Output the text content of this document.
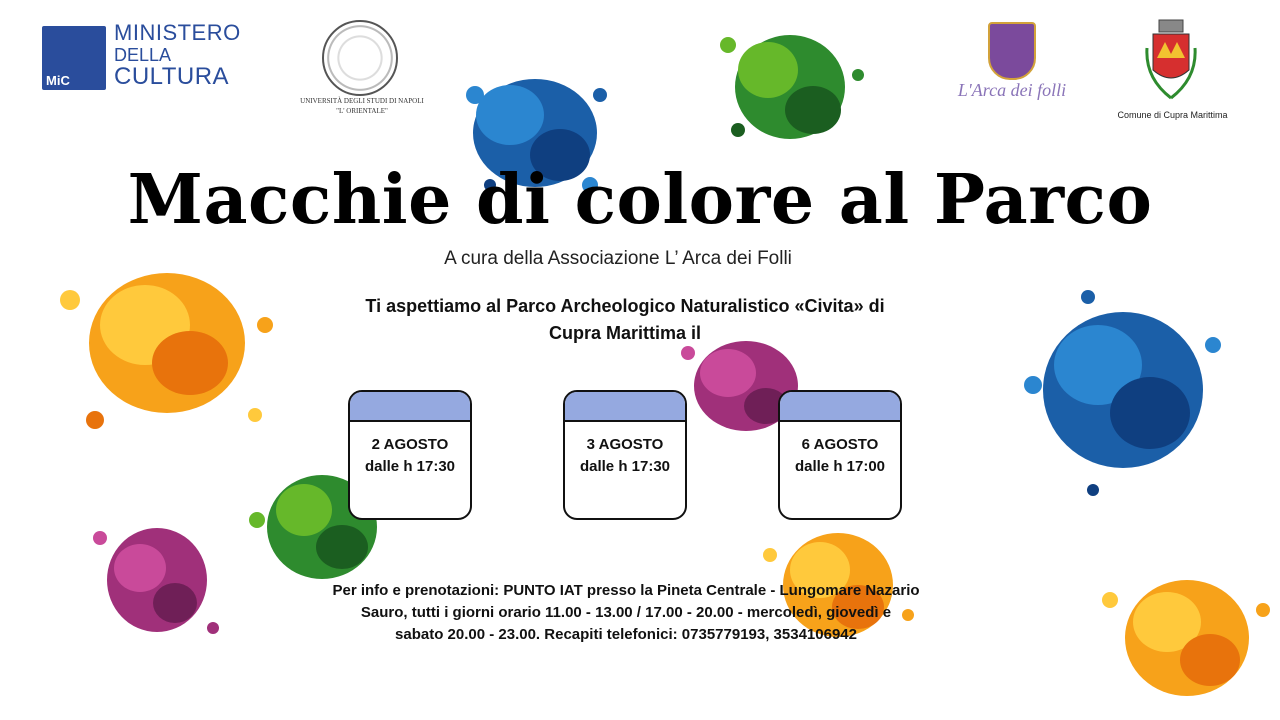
MiC
MINISTERO
DELLA
CULTURA
UNIVERSITÀ DEGLI STUDI DI NAPOLI
"L' ORIENTALE"
L'Arca dei folli
Comune di Cupra Marittima
Macchie di colore al Parco
A cura della Associazione L’ Arca dei Folli
Ti aspettiamo al Parco Archeologico Naturalistico «Civita» di
Cupra Marittima il
2 AGOSTO
dalle h 17:30
3 AGOSTO
dalle h 17:30
6 AGOSTO
dalle h 17:00
Per info e prenotazioni: PUNTO IAT presso la Pineta Centrale - Lungomare Nazario
Sauro, tutti i giorni orario 11.00 - 13.00 / 17.00 - 20.00 - mercoledì, giovedì e
sabato 20.00 - 23.00. Recapiti telefonici: 0735779193, 3534106942
